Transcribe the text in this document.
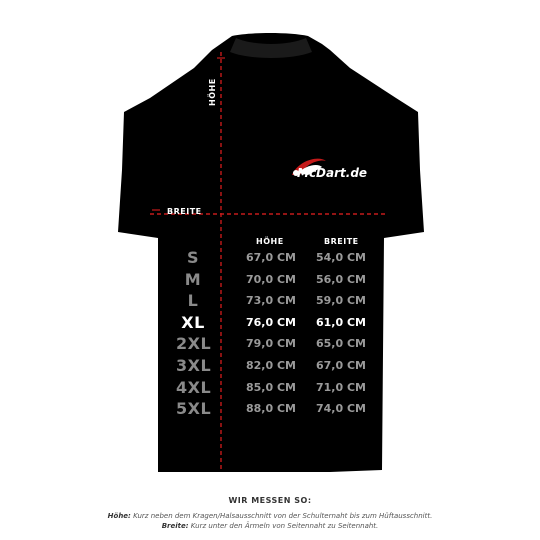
HÖHE
BREITE
McDart.de
HÖHE	BREITE
S	67,0 CM 54,0 CM
M	70,0 CM 56,0 CM
L	73,0 CM 59,0 CM
XL	76,0 CM 61,0 CM
2XL	79,0 CM 65,0 CM
3XL	82,0 CM 67,0 CM
4XL	85,0 CM 71,0 CM
5XL	88,0 CM 74,0 CM
WIR MESSEN SO:
Höhe: Kurz neben dem Kragen/Halsausschnitt von der Schulternaht bis zum Hüftausschnitt.
Breite: Kurz unter den Ärmeln von Seitennaht zu Seitennaht.
